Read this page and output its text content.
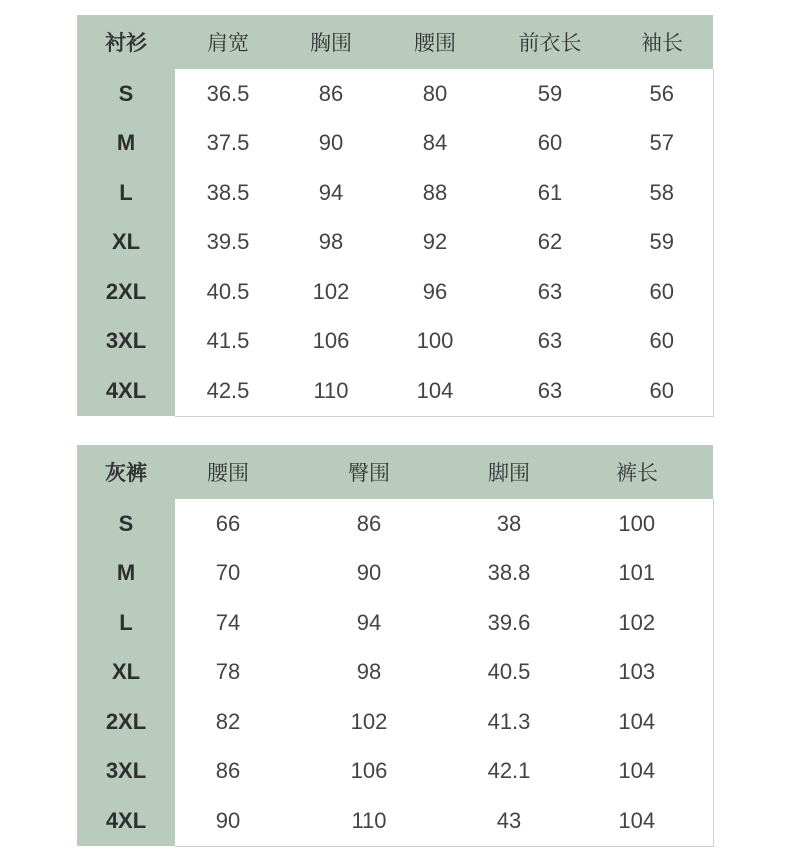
衬衫	肩宽	胸围	腰围	前衣长	袖长
S	36.5	86	80	59	56
M	37.5	90	84	60	57
L	38.5	94	88	61	58
XL	39.5	98	92	62	59
2XL	40.5	102	96	63	60
3XL	41.5	106	100	63	60
4XL	42.5	110	104	63	60
灰裤	腰围	臀围	脚围	裤长
S	66	86	38	100
M	70	90	38.8	101
L	74	94	39.6	102
XL	78	98	40.5	103
2XL	82	102	41.3	104
3XL	86	106	42.1	104
4XL	90	110	43	104
